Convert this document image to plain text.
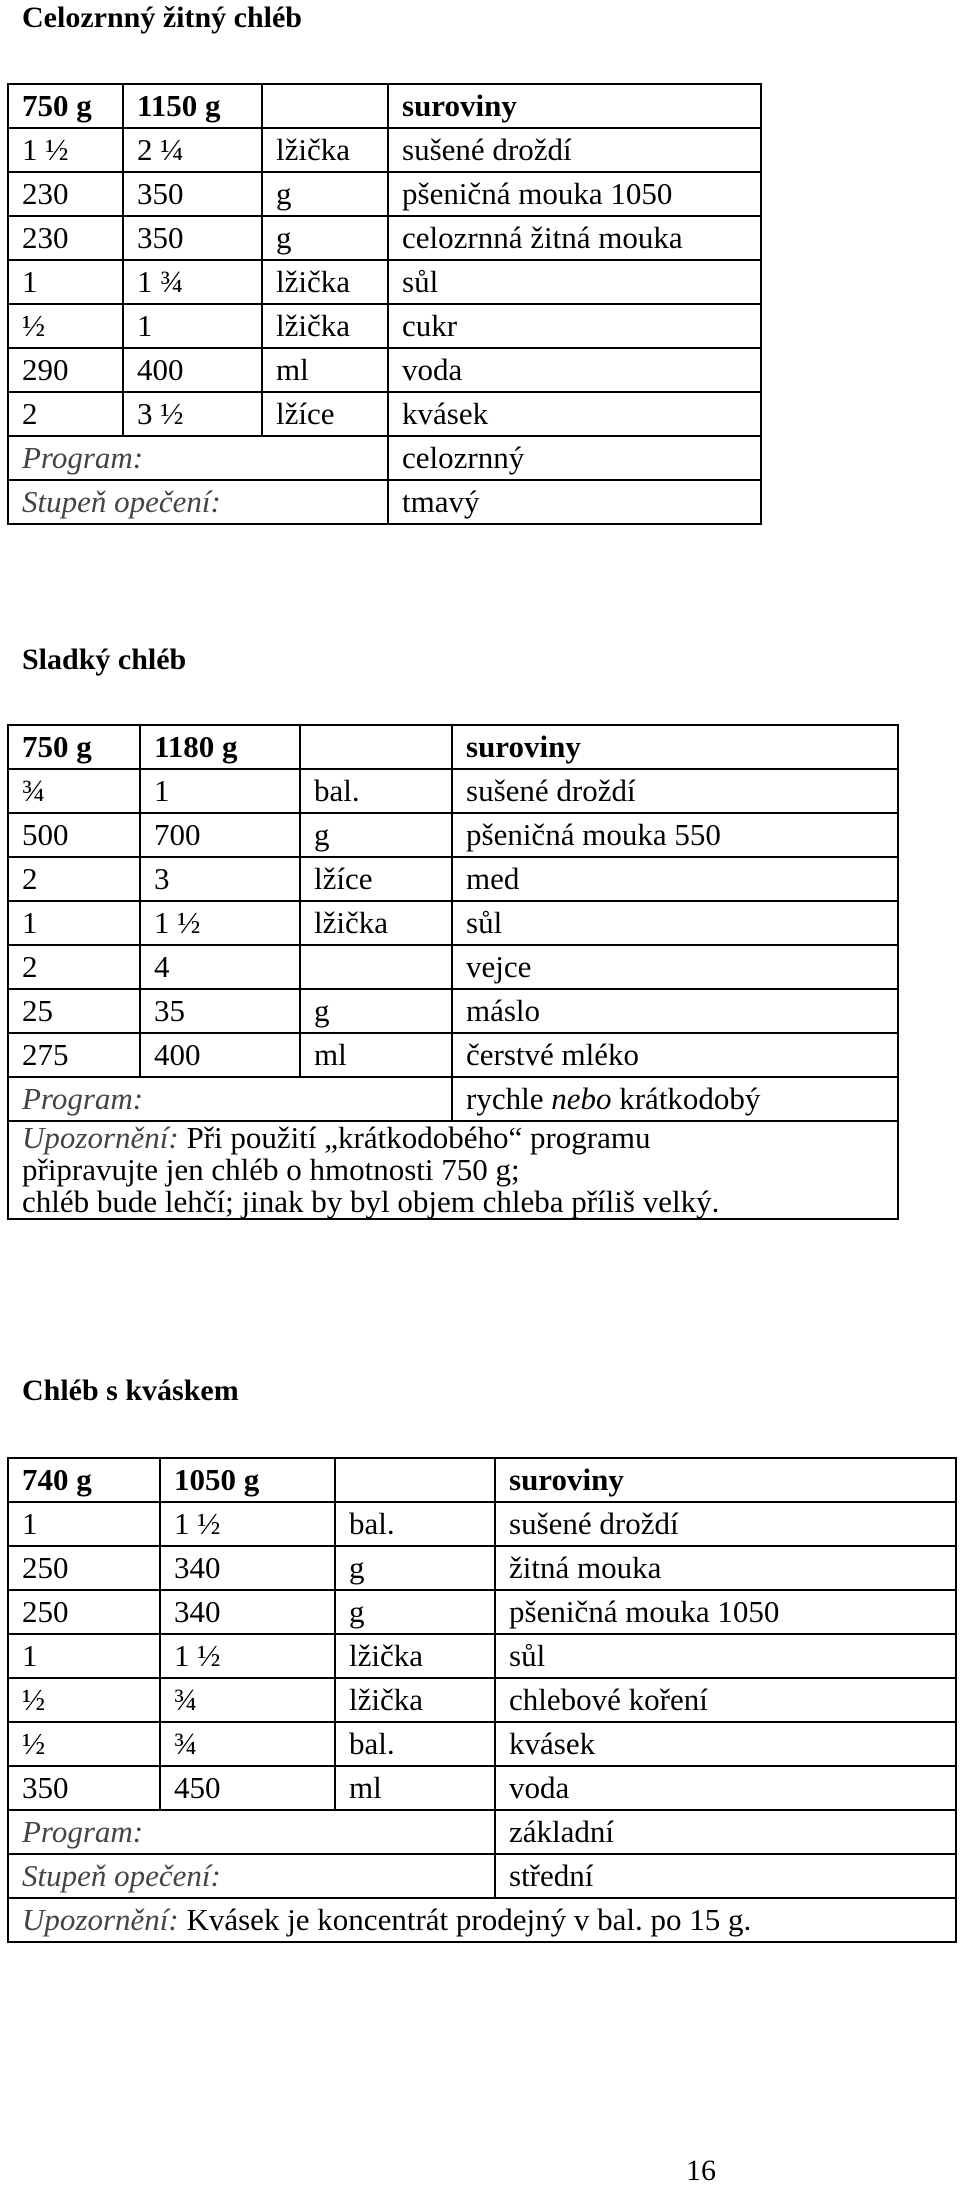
Celozrnný žitný chléb
750 g	1150 g		suroviny
1 ½	2 ¼	lžička	sušené droždí
230	350	g	pšeničná mouka 1050
230	350	g	celozrnná žitná mouka
1	1 ¾	lžička	sůl
½	1	lžička	cukr
290	400	ml	voda
2	3 ½	lžíce	kvásek
Program:			celozrnný
Stupeň opečení:			tmavý
Sladký chléb
750 g	1180 g		suroviny
¾	1	bal.	sušené droždí
500	700	g	pšeničná mouka 550
2	3	lžíce	med
1	1 ½	lžička	sůl
2	4		vejce
25	35	g	máslo
275	400	ml	čerstvé mléko
Program:			rychle nebo krátkodobý
Upozornění: Při použití „krátkodobého“ programu
připravujte jen chléb o hmotnosti 750 g;
chléb bude lehčí; jinak by byl objem chleba příliš velký.			
Chléb s kváskem
740 g	1050 g		suroviny
1	1 ½	bal.	sušené droždí
250	340	g	žitná mouka
250	340	g	pšeničná mouka 1050
1	1 ½	lžička	sůl
½	¾	lžička	chlebové koření
½	¾	bal.	kvásek
350	450	ml	voda
Program:			základní
Stupeň opečení:			střední
Upozornění: Kvásek je koncentrát prodejný v bal. po 15 g.			
16
